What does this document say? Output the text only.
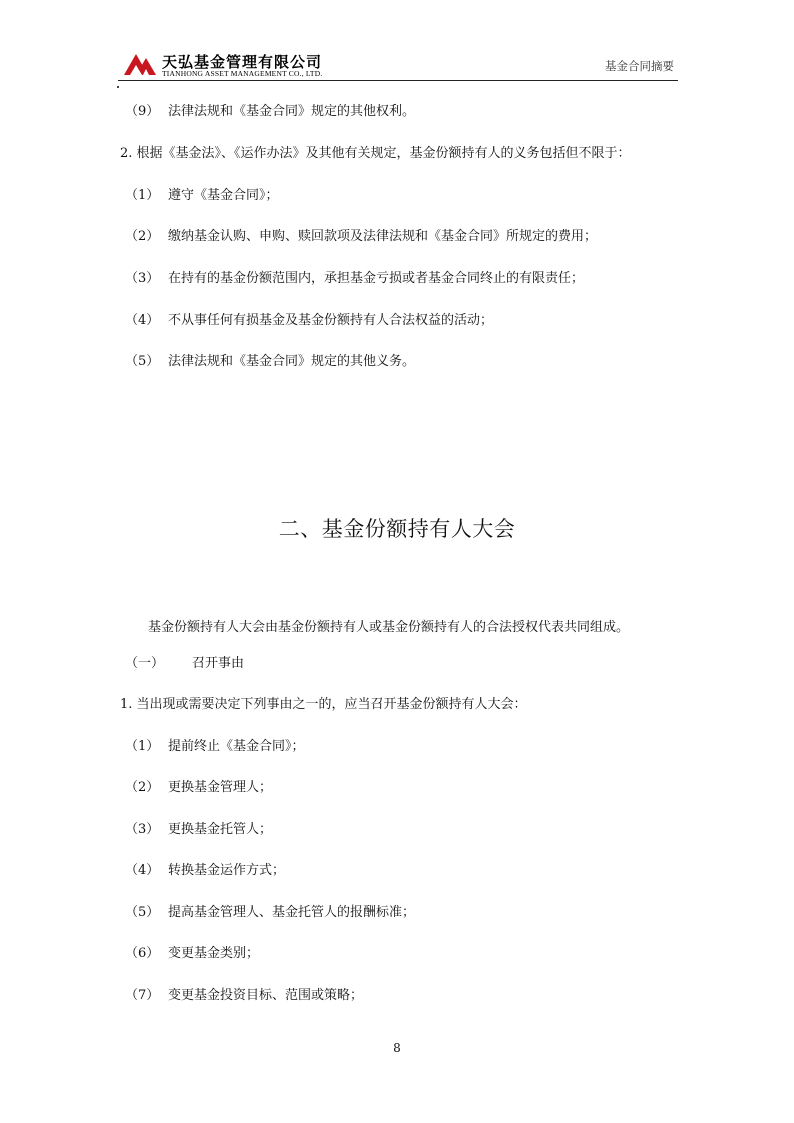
天弘基金管理有限公司
TIANHONG ASSET MANAGEMENT CO., LTD.
基金合同摘要
（9） 法律法规和《基金合同》规定的其他权利。
2. 根据《基金法》、《运作办法》及其他有关规定，基金份额持有人的义务包括但不限于：
（1） 遵守《基金合同》；
（2） 缴纳基金认购、申购、赎回款项及法律法规和《基金合同》所规定的费用；
（3） 在持有的基金份额范围内，承担基金亏损或者基金合同终止的有限责任；
（4） 不从事任何有损基金及基金份额持有人合法权益的活动；
（5） 法律法规和《基金合同》规定的其他义务。
二、基金份额持有人大会
基金份额持有人大会由基金份额持有人或基金份额持有人的合法授权代表共同组成。
（一） 召开事由
1. 当出现或需要决定下列事由之一的，应当召开基金份额持有人大会：
（1） 提前终止《基金合同》；
（2） 更换基金管理人；
（3） 更换基金托管人；
（4） 转换基金运作方式；
（5） 提高基金管理人、基金托管人的报酬标准；
（6） 变更基金类别；
（7） 变更基金投资目标、范围或策略；
8
